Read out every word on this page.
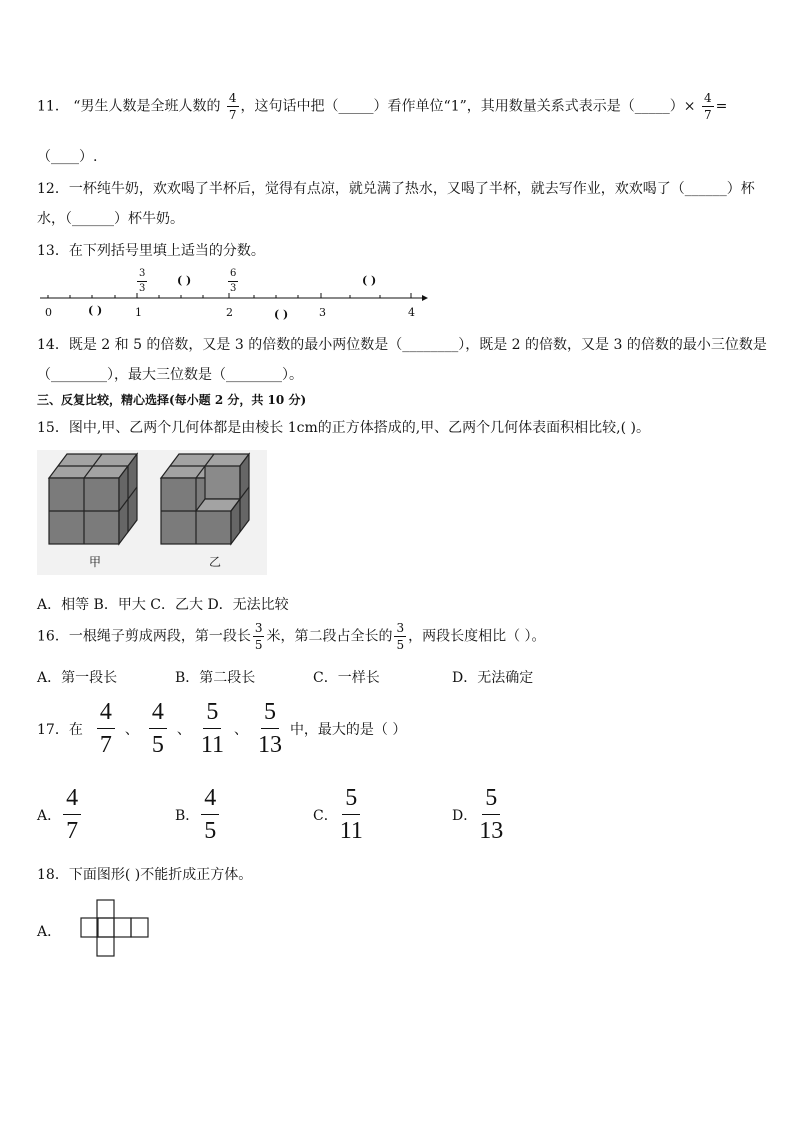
11． “男生人数是全班人数的 $\frac{4}{7}$ ，这句话中把（_____）看作单位“1”，其用数量关系式表示是（_____）× $\frac{4}{7}$ =
（____）.
12．一杯纯牛奶，欢欢喝了半杯后，觉得有点凉，就兑满了热水，又喝了半杯，就去写作业，欢欢喝了（______）杯
水，（______）杯牛奶。
13．在下列括号里填上适当的分数。
0	1	2	3	4
( )	( )
( )	( )
$\frac{3}{3}$	$\frac{6}{3}$
14．既是 2 和 5 的倍数，又是 3 的倍数的最小两位数是（________），既是 2 的倍数，又是 3 的倍数的最小三位数是
（________），最大三位数是（________）。
三、反复比较，精心选择(每小题 2 分，共 10 分)
15．图中,甲、乙两个几何体都是由棱长 1cm的正方体搭成的,甲、乙两个几何体表面积相比较,( )。
甲	乙
A．相等 B．甲大 C．乙大 D．无法比较
16．一根绳子剪成两段，第一段长 $\frac{3}{5}$ 米，第二段占全长的 $\frac{3}{5}$ ，两段长度相比（ ）。
A．第一段长	B．第二段长	C．一样长	D．无法确定
17．在 $\frac{4}{7}$ 、 $\frac{4}{5}$ 、 $\frac{5}{11}$ 、 $\frac{5}{13}$ 中，最大的是（ ）
A． $\frac{4}{7}$	B． $\frac{4}{5}$	C． $\frac{5}{11}$	D． $\frac{5}{13}$
18．下面图形( )不能折成正方体。
A．
